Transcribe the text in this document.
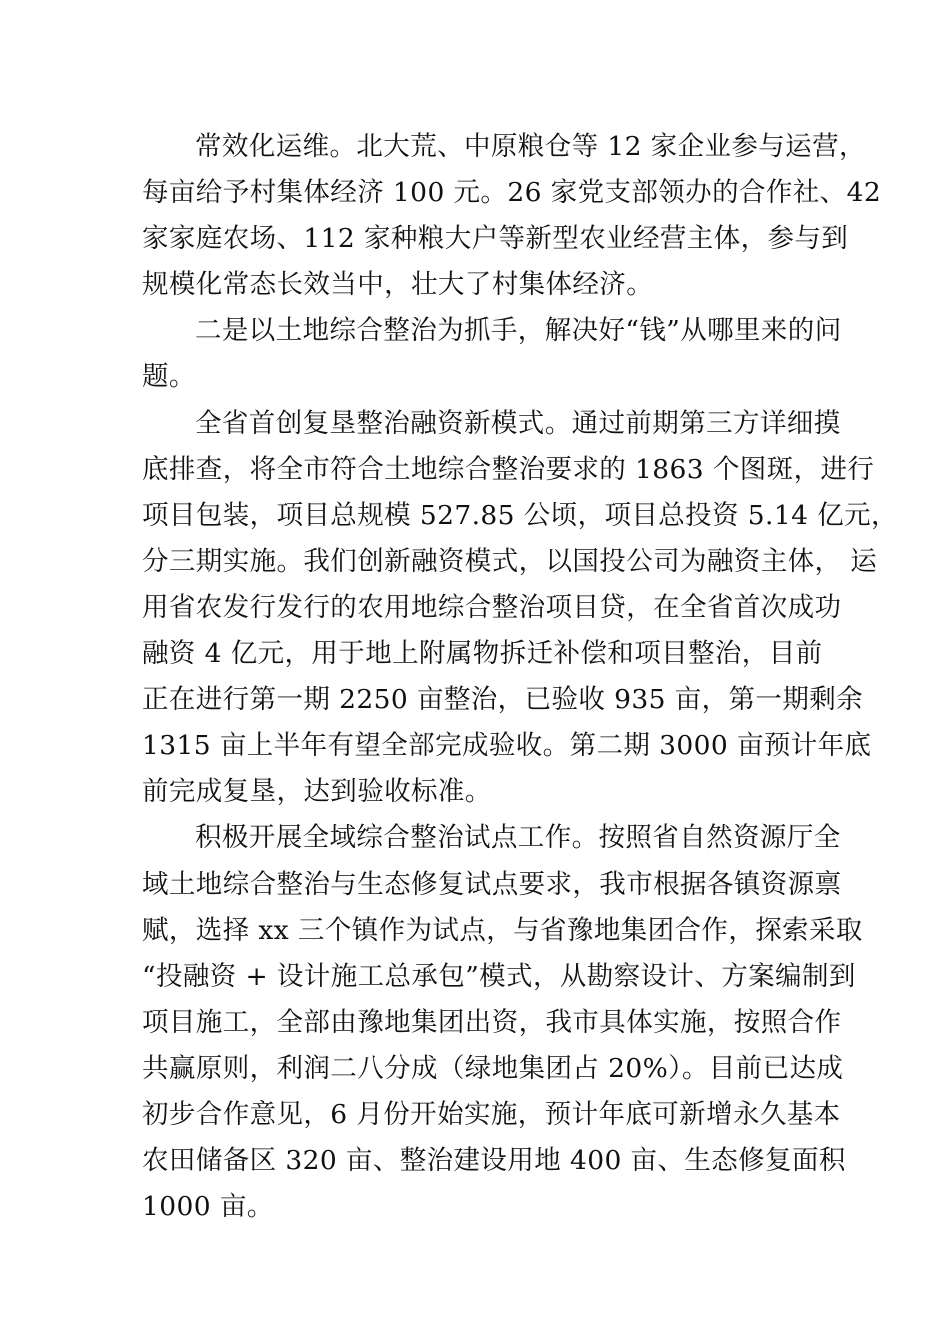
常效化运维。北大荒、中原粮仓等 12 家企业参与运营，
每亩给予村集体经济 100 元。26 家党支部领办的合作社、42
家家庭农场、112 家种粮大户等新型农业经营主体，参与到
规模化常态长效当中，壮大了村集体经济。
二是以土地综合整治为抓手，解决好“钱”从哪里来的问
题。
全省首创复垦整治融资新模式。通过前期第三方详细摸
底排查，将全市符合土地综合整治要求的 1863 个图斑，进行
项目包装，项目总规模 527.85 公顷，项目总投资 5.14 亿元，
分三期实施。我们创新融资模式，以国投公司为融资主体， 运
用省农发行发行的农用地综合整治项目贷，在全省首次成功
融资 4 亿元，用于地上附属物拆迁补偿和项目整治，目前
正在进行第一期 2250 亩整治，已验收 935 亩，第一期剩余
1315 亩上半年有望全部完成验收。第二期 3000 亩预计年底
前完成复垦，达到验收标准。
积极开展全域综合整治试点工作。按照省自然资源厅全
域土地综合整治与生态修复试点要求，我市根据各镇资源禀
赋，选择 xx 三个镇作为试点，与省豫地集团合作，探索采取
“投融资 + 设计施工总承包”模式，从勘察设计、方案编制到
项目施工，全部由豫地集团出资，我市具体实施，按照合作
共赢原则，利润二八分成（绿地集团占 20%）。目前已达成
初步合作意见，6 月份开始实施，预计年底可新增永久基本
农田储备区 320 亩、整治建设用地 400 亩、生态修复面积
1000 亩。
